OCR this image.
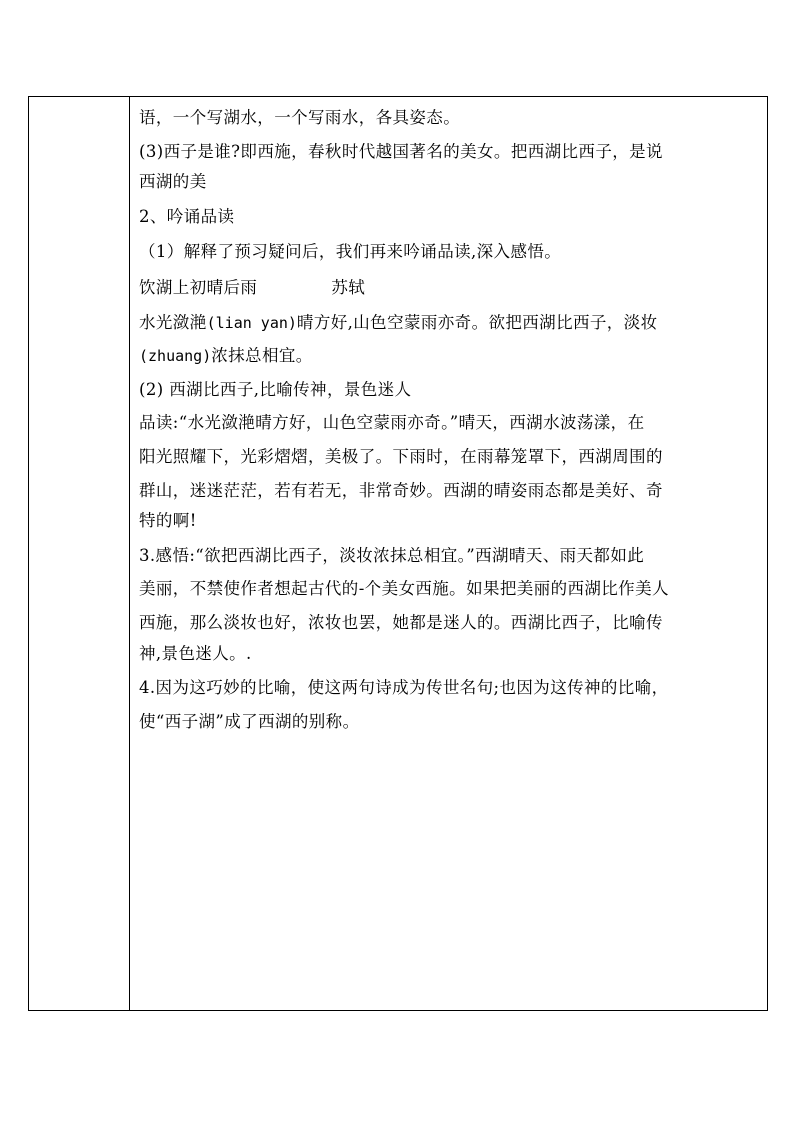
语，一个写湖水，一个写雨水，各具姿态。

(3)西子是谁?即西施，春秋时代越国著名的美女。把西湖比西子，是说

西湖的美

2、吟诵品读

（1）解释了预习疑问后，我们再来吟诵品读,深入感悟。

饮湖上初晴后雨	苏轼

水光潋滟(lian yan)晴方好,山色空蒙雨亦奇。欲把西湖比西子，淡妆

(zhuang)浓抹总相宜。

(2) 西湖比西子,比喻传神，景色迷人

品读:“水光潋滟晴方好，山色空蒙雨亦奇。”晴天，西湖水波荡漾，在

阳光照耀下，光彩熠熠，美极了。下雨时，在雨幕笼罩下，西湖周围的

群山，迷迷茫茫，若有若无，非常奇妙。西湖的晴姿雨态都是美好、奇

特的啊!

3.感悟:“欲把西湖比西子，淡妆浓抹总相宜。”西湖晴天、雨天都如此

美丽，不禁使作者想起古代的-个美女西施。如果把美丽的西湖比作美人

西施，那么淡妆也好，浓妆也罢，她都是迷人的。西湖比西子，比喻传

神,景色迷人。.

4.因为这巧妙的比喻，使这两句诗成为传世名句;也因为这传神的比喻，

使“西子湖”成了西湖的别称。
